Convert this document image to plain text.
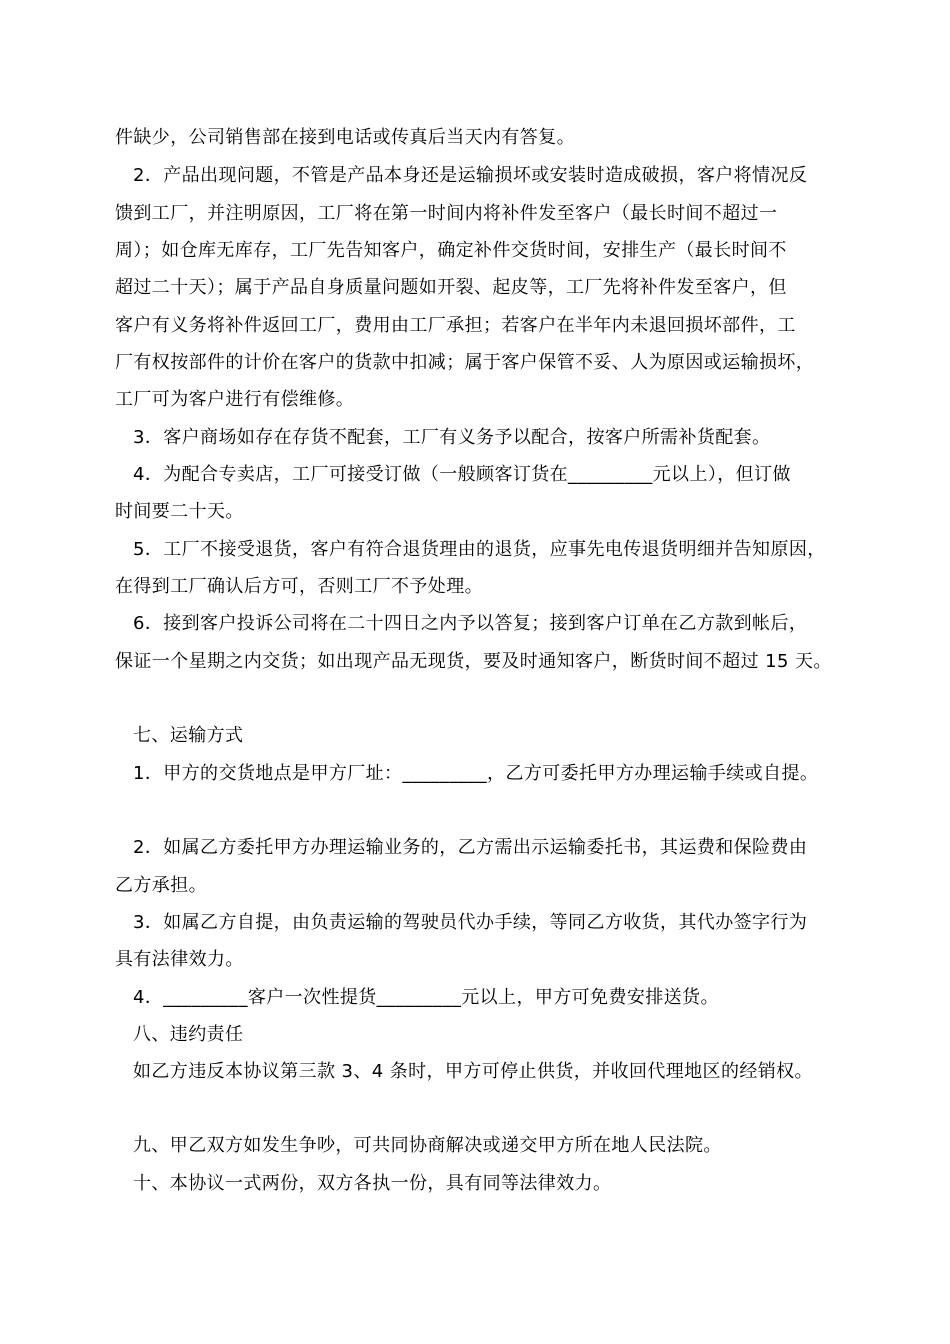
件缺少，公司销售部在接到电话或传真后当天内有答复。
2．产品出现问题，不管是产品本身还是运输损坏或安装时造成破损，客户将情况反
馈到工厂，并注明原因，工厂将在第一时间内将补件发至客户（最长时间不超过一
周）；如仓库无库存，工厂先告知客户，确定补件交货时间，安排生产（最长时间不
超过二十天）；属于产品自身质量问题如开裂、起皮等，工厂先将补件发至客户，但
客户有义务将补件返回工厂，费用由工厂承担；若客户在半年内未退回损坏部件，工
厂有权按部件的计价在客户的货款中扣减；属于客户保管不妥、人为原因或运输损坏，
工厂可为客户进行有偿维修。
3．客户商场如存在存货不配套，工厂有义务予以配合，按客户所需补货配套。
4．为配合专卖店，工厂可接受订做（一般顾客订货在_________元以上），但订做
时间要二十天。
5．工厂不接受退货，客户有符合退货理由的退货，应事先电传退货明细并告知原因，
在得到工厂确认后方可，否则工厂不予处理。
6．接到客户投诉公司将在二十四日之内予以答复；接到客户订单在乙方款到帐后，
保证一个星期之内交货；如出现产品无现货，要及时通知客户，断货时间不超过 15 天。
七、运输方式
1．甲方的交货地点是甲方厂址：_________，乙方可委托甲方办理运输手续或自提。
2．如属乙方委托甲方办理运输业务的，乙方需出示运输委托书，其运费和保险费由
乙方承担。
3．如属乙方自提，由负责运输的驾驶员代办手续，等同乙方收货，其代办签字行为
具有法律效力。
4．_________客户一次性提货_________元以上，甲方可免费安排送货。
八、违约责任
如乙方违反本协议第三款 3、4 条时，甲方可停止供货，并收回代理地区的经销权。
九、甲乙双方如发生争吵，可共同协商解决或递交甲方所在地人民法院。
十、本协议一式两份，双方各执一份，具有同等法律效力。
